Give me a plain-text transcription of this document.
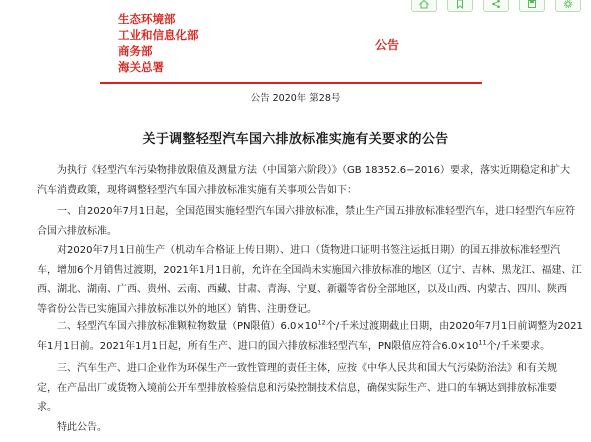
生态环境部
工业和信息化部
商务部
海关总署
公告
公告 2020年 第28号
关于调整轻型汽车国六排放标准实施有关要求的公告

为执行《轻型汽车污染物排放限值及测量方法（中国第六阶段）》（GB 18352.6−2016）要求，落实近期稳定和扩大

汽车消费政策，现将调整轻型汽车国六排放标准实施有关事项公告如下：

一、自2020年7月1日起，全国范围实施轻型汽车国六排放标准，禁止生产国五排放标准轻型汽车，进口轻型汽车应符

合国六排放标准。

对2020年7月1日前生产（机动车合格证上传日期）、进口（货物进口证明书签注运抵日期）的国五排放标准轻型汽

车，增加6个月销售过渡期，2021年1月1日前，允许在全国尚未实施国六排放标准的地区（辽宁、吉林、黑龙江、福建、江

西、湖北、湖南、广西、贵州、云南、西藏、甘肃、青海、宁夏、新疆等省份全部地区，以及山西、内蒙古、四川、陕西

等省份公告已实施国六排放标准以外的地区）销售、注册登记。

二、轻型汽车国六排放标准颗粒物数量（PN限值）$6.0\times 10^{12}$个/千米过渡期截止日期，由2020年7月1日前调整为2021

年1月1日前。2021年1月1日起，所有生产、进口的国六排放标准轻型汽车，PN限值应符合$6.0\times 10^{11}$个/千米要求。

三、汽车生产、进口企业作为环保生产一致性管理的责任主体，应按《中华人民共和国大气污染防治法》和有关规

定，在产品出厂或货物入境前公开车型排放检验信息和污染控制技术信息，确保实际生产、进口的车辆达到排放标准要

求。

特此公告。
